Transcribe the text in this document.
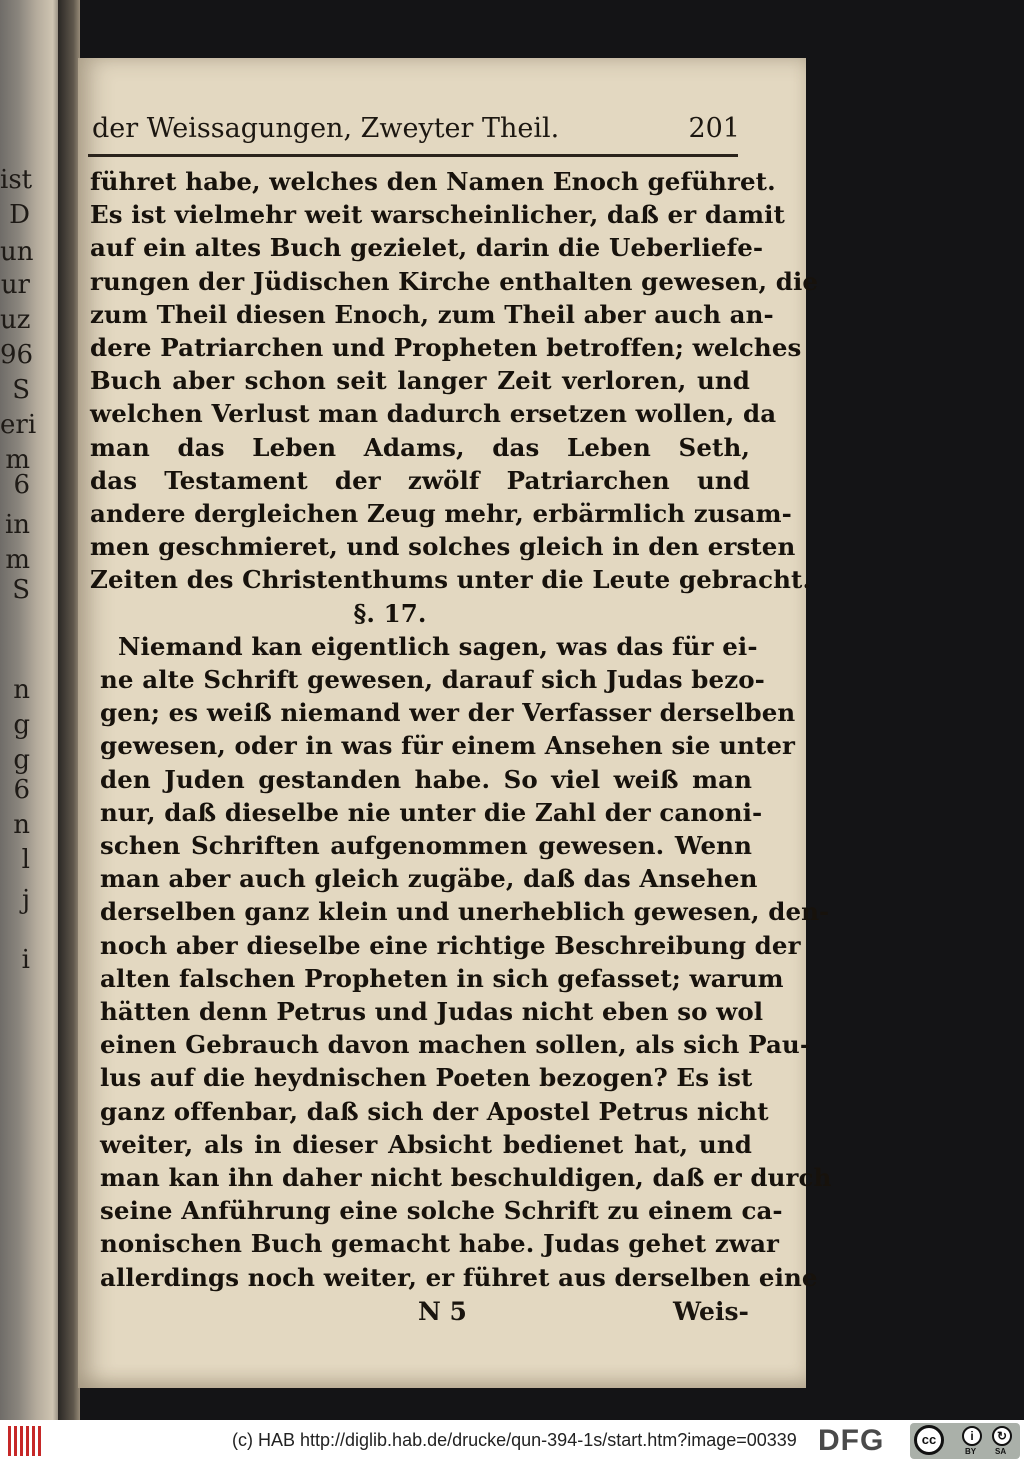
ist
D
un
ur
uz
96
S
eri
m
6
in
m
S
n
g
g
6
n
l
j
i
der Weissagungen, Zweyter Theil.	201
führet habe, welches den Namen Enoch geführet.
Es ist vielmehr weit warscheinlicher, daß er damit
auf ein altes Buch gezielet, darin die Ueberliefe-
rungen der Jüdischen Kirche enthalten gewesen, die
zum Theil diesen Enoch, zum Theil aber auch an-
dere Patriarchen und Propheten betroffen; welches
Buch aber schon seit langer Zeit verloren, und
welchen Verlust man dadurch ersetzen wollen, da
man das Leben Adams, das Leben Seth,
das Testament der zwölf Patriarchen und
andere dergleichen Zeug mehr, erbärmlich zusam-
men geschmieret, und solches gleich in den ersten
Zeiten des Christenthums unter die Leute gebracht.
§. 17.
Niemand kan eigentlich sagen, was das für ei-
ne alte Schrift gewesen, darauf sich Judas bezo-
gen; es weiß niemand wer der Verfasser derselben
gewesen, oder in was für einem Ansehen sie unter
den Juden gestanden habe. So viel weiß man
nur, daß dieselbe nie unter die Zahl der canoni-
schen Schriften aufgenommen gewesen. Wenn
man aber auch gleich zugäbe, daß das Ansehen
derselben ganz klein und unerheblich gewesen, den-
noch aber dieselbe eine richtige Beschreibung der
alten falschen Propheten in sich gefasset; warum
hätten denn Petrus und Judas nicht eben so wol
einen Gebrauch davon machen sollen, als sich Pau-
lus auf die heydnischen Poeten bezogen? Es ist
ganz offenbar, daß sich der Apostel Petrus nicht
weiter, als in dieser Absicht bedienet hat, und
man kan ihn daher nicht beschuldigen, daß er durch
seine Anführung eine solche Schrift zu einem ca-
nonischen Buch gemacht habe. Judas gehet zwar
allerdings noch weiter, er führet aus derselben eine
N 5	Weis-
(c) HAB http://diglib.hab.de/drucke/qun-394-1s/start.htm?image=00339 DFG	cc	i	↻
BY SA
